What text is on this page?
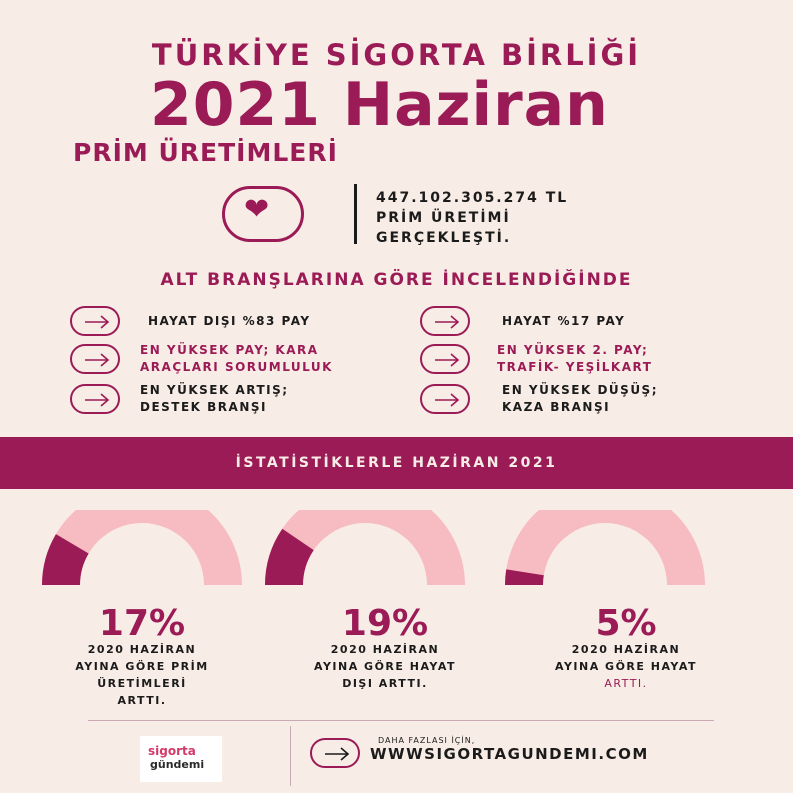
TÜRKİYE SİGORTA BİRLİĞİ
2021 Haziran
PRİM ÜRETİMLERİ
❤	447.102.305.274 TL
PRİM ÜRETİMİ
GERÇEKLEŞTİ.
ALT BRANŞLARINA GÖRE İNCELENDİĞİNDE
HAYAT DIŞI %83 PAY	HAYAT %17 PAY
EN YÜKSEK PAY; KARA
ARAÇLARI SORUMLULUK
EN YÜKSEK 2. PAY;
TRAFİK- YEŞİLKART
EN YÜKSEK ARTIŞ;
DESTEK BRANŞI
EN YÜKSEK DÜŞÜŞ;
KAZA BRANŞI
İSTATİSTİKLERLE HAZİRAN 2021
17%
2020 HAZİRAN
AYINA GÖRE PRİM
ÜRETİMLERİ
ARTTI.
19%
2020 HAZİRAN
AYINA GÖRE HAYAT
DIŞI ARTTI.
5%
2020 HAZİRAN
AYINA GÖRE HAYAT
ARTTI.
sigorta
gündemi
DAHA FAZLASI İÇİN,
WWWSIGORTAGUNDEMI.COM
